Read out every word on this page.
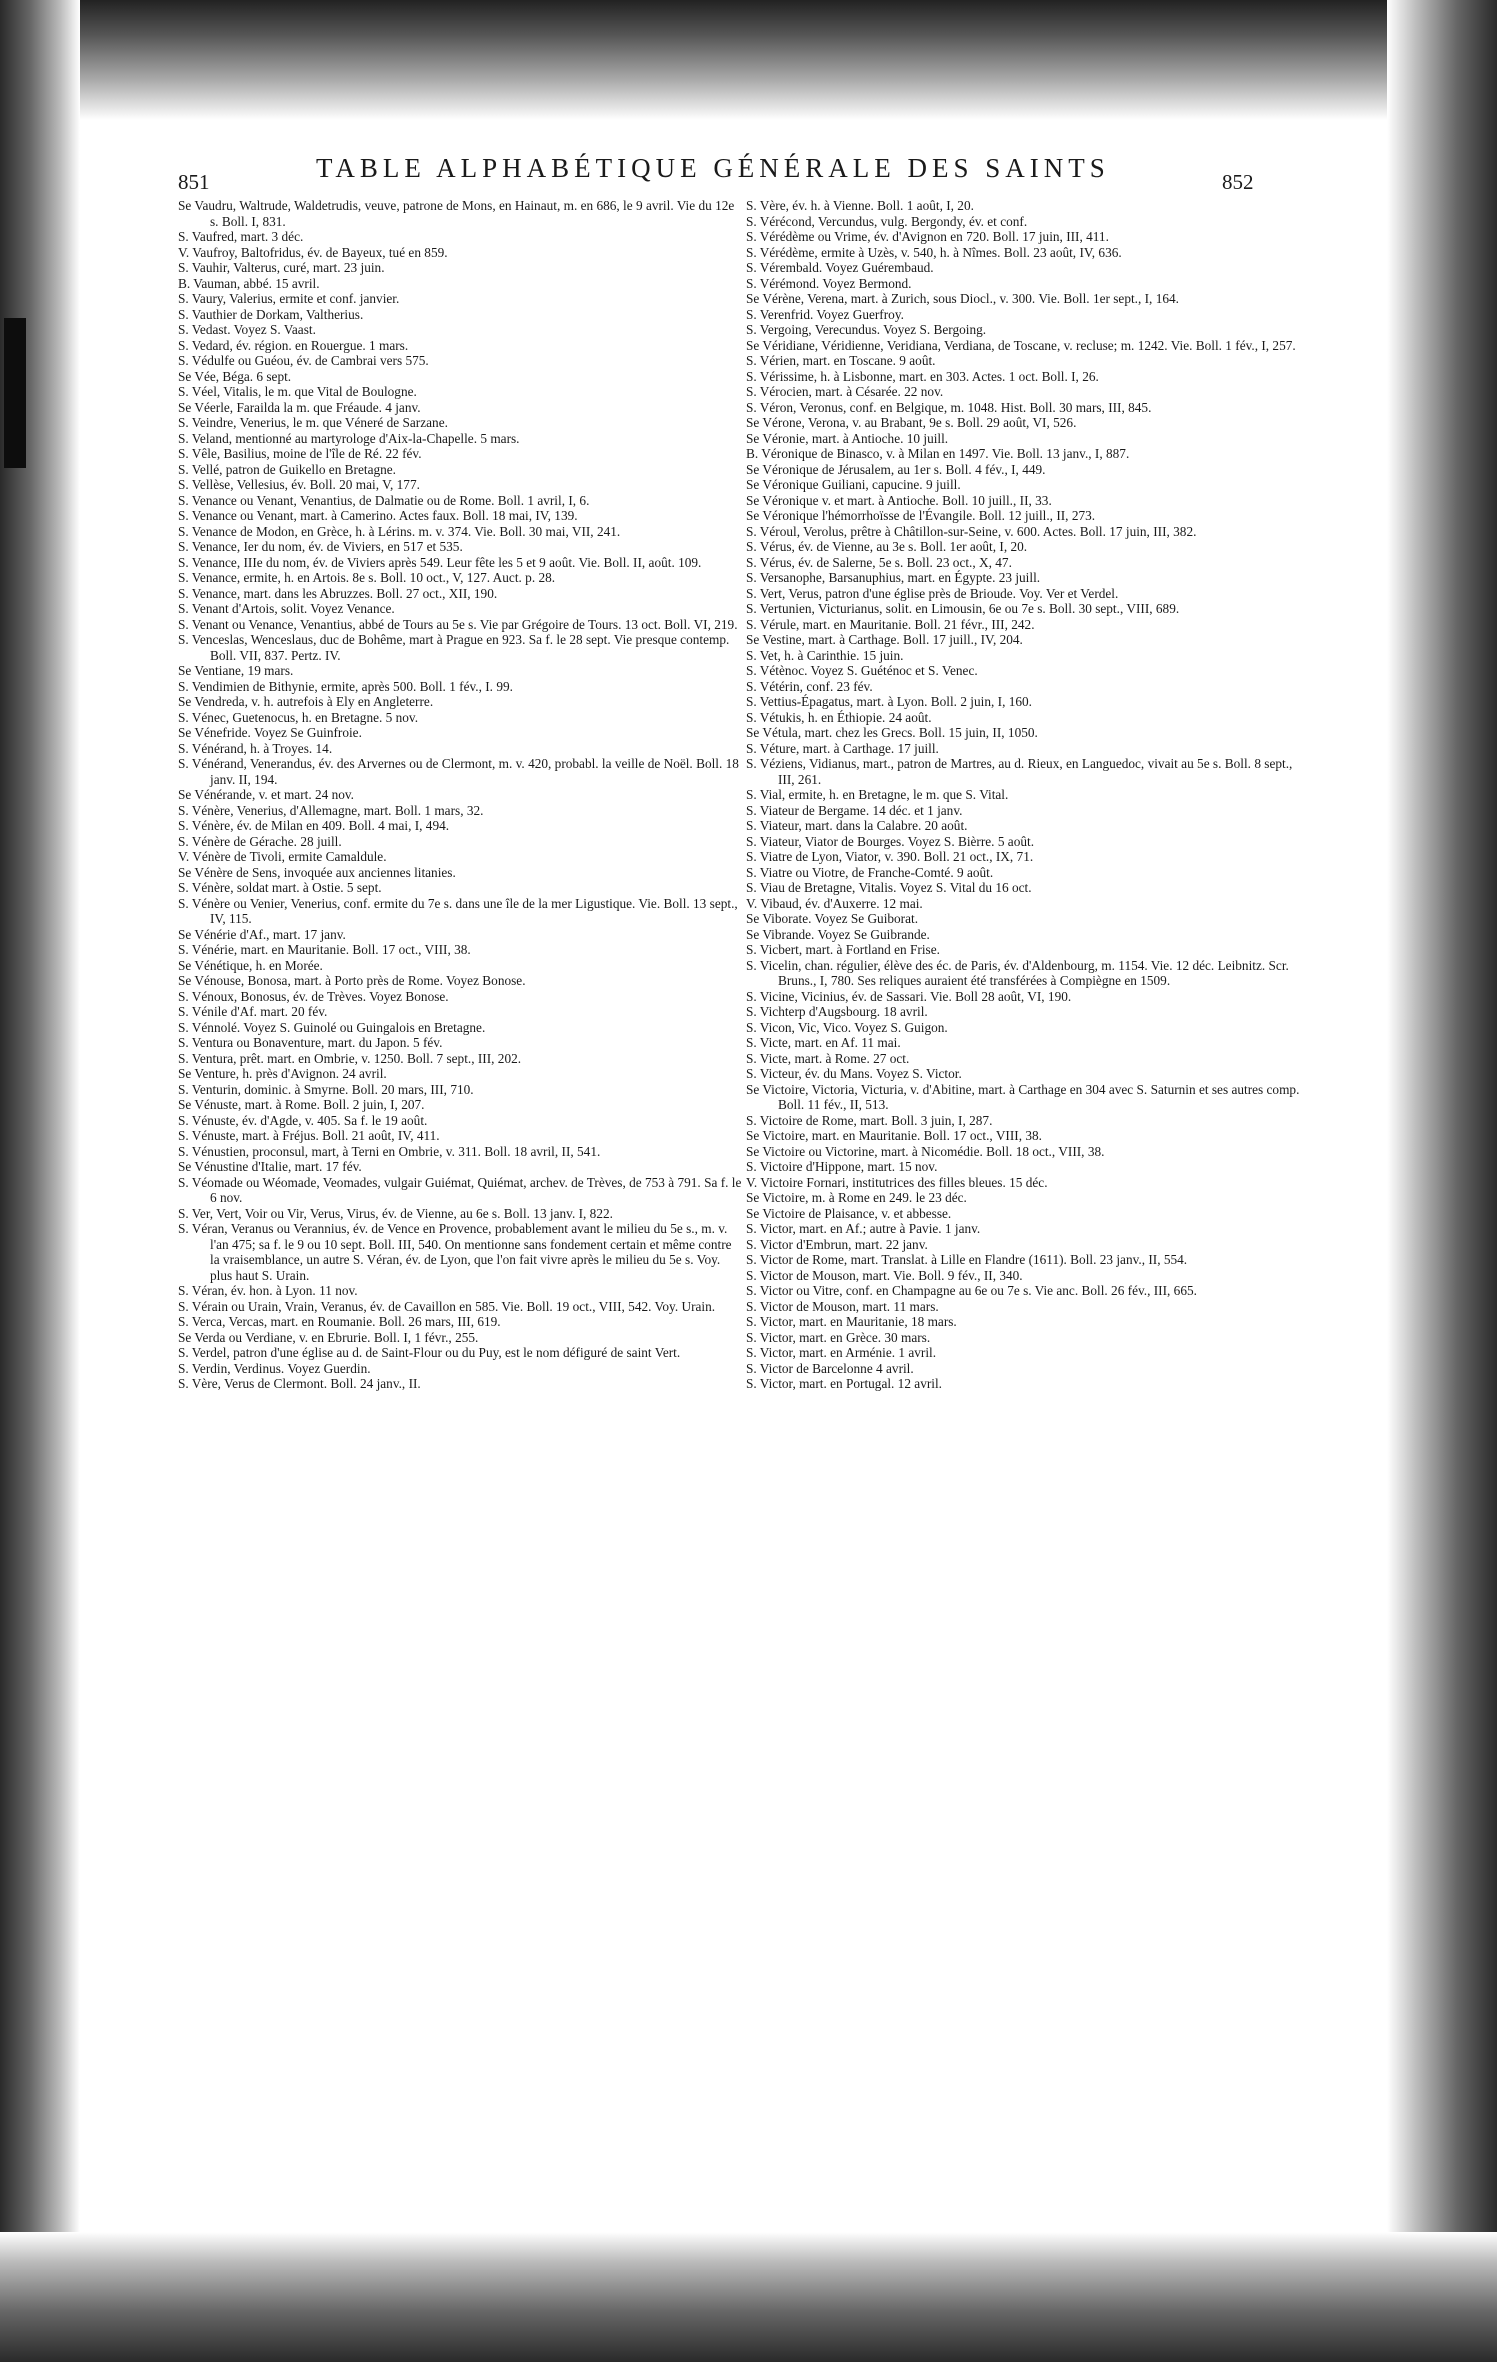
851	TABLE ALPHABÉTIQUE GÉNÉRALE DES SAINTS	852

Se Vaudru, Waltrude, Waldetrudis, veuve, patrone de Mons, en Hainaut, m. en 686, le 9 avril. Vie du 12e s. Boll. I, 831.

S. Vaufred, mart. 3 déc.

V. Vaufroy, Baltofridus, év. de Bayeux, tué en 859.

S. Vauhir, Valterus, curé, mart. 23 juin.

B. Vauman, abbé. 15 avril.

S. Vaury, Valerius, ermite et conf. janvier.

S. Vauthier de Dorkam, Valtherius.

S. Vedast. Voyez S. Vaast.

S. Vedard, év. région. en Rouergue. 1 mars.

S. Védulfe ou Guéou, év. de Cambrai vers 575.

Se Vée, Béga. 6 sept.

S. Véel, Vitalis, le m. que Vital de Boulogne.

Se Véerle, Farailda la m. que Fréaude. 4 janv.

S. Veindre, Venerius, le m. que Véneré de Sarzane.

S. Veland, mentionné au martyrologe d'Aix-la-Chapelle. 5 mars.

S. Vêle, Basilius, moine de l'île de Ré. 22 fév.

S. Vellé, patron de Guikello en Bretagne.

S. Vellèse, Vellesius, év. Boll. 20 mai, V, 177.

S. Venance ou Venant, Venantius, de Dalmatie ou de Rome. Boll. 1 avril, I, 6.

S. Venance ou Venant, mart. à Camerino. Actes faux. Boll. 18 mai, IV, 139.

S. Venance de Modon, en Grèce, h. à Lérins. m. v. 374. Vie. Boll. 30 mai, VII, 241.

S. Venance, Ier du nom, év. de Viviers, en 517 et 535.

S. Venance, IIIe du nom, év. de Viviers après 549. Leur fête les 5 et 9 août. Vie. Boll. II, août. 109.

S. Venance, ermite, h. en Artois. 8e s. Boll. 10 oct., V, 127. Auct. p. 28.

S. Venance, mart. dans les Abruzzes. Boll. 27 oct., XII, 190.

S. Venant d'Artois, solit. Voyez Venance.

S. Venant ou Venance, Venantius, abbé de Tours au 5e s. Vie par Grégoire de Tours. 13 oct. Boll. VI, 219.

S. Venceslas, Wenceslaus, duc de Bohême, mart à Prague en 923. Sa f. le 28 sept. Vie presque contemp. Boll. VII, 837. Pertz. IV.

Se Ventiane, 19 mars.

S. Vendimien de Bithynie, ermite, après 500. Boll. 1 fév., I. 99.

Se Vendreda, v. h. autrefois à Ely en Angleterre.

S. Vénec, Guetenocus, h. en Bretagne. 5 nov.

Se Vénefride. Voyez Se Guinfroie.

S. Vénérand, h. à Troyes. 14.

S. Vénérand, Venerandus, év. des Arvernes ou de Clermont, m. v. 420, probabl. la veille de Noël. Boll. 18 janv. II, 194.

Se Vénérande, v. et mart. 24 nov.

S. Vénère, Venerius, d'Allemagne, mart. Boll. 1 mars, 32.

S. Vénère, év. de Milan en 409. Boll. 4 mai, I, 494.

S. Vénère de Gérache. 28 juill.

V. Vénère de Tivoli, ermite Camaldule.

Se Vénère de Sens, invoquée aux anciennes litanies.

S. Vénère, soldat mart. à Ostie. 5 sept.

S. Vénère ou Venier, Venerius, conf. ermite du 7e s. dans une île de la mer Ligustique. Vie. Boll. 13 sept., IV, 115.

Se Vénérie d'Af., mart. 17 janv.

S. Vénérie, mart. en Mauritanie. Boll. 17 oct., VIII, 38.

Se Vénétique, h. en Morée.

Se Vénouse, Bonosa, mart. à Porto près de Rome. Voyez Bonose.

S. Vénoux, Bonosus, év. de Trèves. Voyez Bonose.

S. Vénile d'Af. mart. 20 fév.

S. Vénnolé. Voyez S. Guinolé ou Guingalois en Bretagne.

S. Ventura ou Bonaventure, mart. du Japon. 5 fév.

S. Ventura, prêt. mart. en Ombrie, v. 1250. Boll. 7 sept., III, 202.

Se Venture, h. près d'Avignon. 24 avril.

S. Venturin, dominic. à Smyrne. Boll. 20 mars, III, 710.

Se Vénuste, mart. à Rome. Boll. 2 juin, I, 207.

S. Vénuste, év. d'Agde, v. 405. Sa f. le 19 août.

S. Vénuste, mart. à Fréjus. Boll. 21 août, IV, 411.

S. Vénustien, proconsul, mart, à Terni en Ombrie, v. 311. Boll. 18 avril, II, 541.

Se Vénustine d'Italie, mart. 17 fév.

S. Véomade ou Wéomade, Veomades, vulgair Guiémat, Quiémat, archev. de Trèves, de 753 à 791. Sa f. le 6 nov.

S. Ver, Vert, Voir ou Vir, Verus, Virus, év. de Vienne, au 6e s. Boll. 13 janv. I, 822.

S. Véran, Veranus ou Verannius, év. de Vence en Provence, probablement avant le milieu du 5e s., m. v. l'an 475; sa f. le 9 ou 10 sept. Boll. III, 540. On mentionne sans fondement certain et même contre la vraisemblance, un autre S. Véran, év. de Lyon, que l'on fait vivre après le milieu du 5e s. Voy. plus haut S. Urain.

S. Véran, év. hon. à Lyon. 11 nov.

S. Vérain ou Urain, Vrain, Veranus, év. de Cavaillon en 585. Vie. Boll. 19 oct., VIII, 542. Voy. Urain.

S. Verca, Vercas, mart. en Roumanie. Boll. 26 mars, III, 619.

Se Verda ou Verdiane, v. en Ebrurie. Boll. I, 1 févr., 255.

S. Verdel, patron d'une église au d. de Saint-Flour ou du Puy, est le nom défiguré de saint Vert.

S. Verdin, Verdinus. Voyez Guerdin.

S. Vère, Verus de Clermont. Boll. 24 janv., II.

S. Vère, év. h. à Vienne. Boll. 1 août, I, 20.

S. Vérécond, Vercundus, vulg. Bergondy, év. et conf.

S. Vérédème ou Vrime, év. d'Avignon en 720. Boll. 17 juin, III, 411.

S. Vérédème, ermite à Uzès, v. 540, h. à Nîmes. Boll. 23 août, IV, 636.

S. Vérembald. Voyez Guérembaud.

S. Vérémond. Voyez Bermond.

Se Vérène, Verena, mart. à Zurich, sous Diocl., v. 300. Vie. Boll. 1er sept., I, 164.

S. Verenfrid. Voyez Guerfroy.

S. Vergoing, Verecundus. Voyez S. Bergoing.

Se Véridiane, Véridienne, Veridiana, Verdiana, de Toscane, v. recluse; m. 1242. Vie. Boll. 1 fév., I, 257.

S. Vérien, mart. en Toscane. 9 août.

S. Vérissime, h. à Lisbonne, mart. en 303. Actes. 1 oct. Boll. I, 26.

S. Vérocien, mart. à Césarée. 22 nov.

S. Véron, Veronus, conf. en Belgique, m. 1048. Hist. Boll. 30 mars, III, 845.

Se Vérone, Verona, v. au Brabant, 9e s. Boll. 29 août, VI, 526.

Se Véronie, mart. à Antioche. 10 juill.

B. Véronique de Binasco, v. à Milan en 1497. Vie. Boll. 13 janv., I, 887.

Se Véronique de Jérusalem, au 1er s. Boll. 4 fév., I, 449.

Se Véronique Guiliani, capucine. 9 juill.

Se Véronique v. et mart. à Antioche. Boll. 10 juill., II, 33.

Se Véronique l'hémorrhoïsse de l'Évangile. Boll. 12 juill., II, 273.

S. Véroul, Verolus, prêtre à Châtillon-sur-Seine, v. 600. Actes. Boll. 17 juin, III, 382.

S. Vérus, év. de Vienne, au 3e s. Boll. 1er août, I, 20.

S. Vérus, év. de Salerne, 5e s. Boll. 23 oct., X, 47.

S. Versanophe, Barsanuphius, mart. en Égypte. 23 juill.

S. Vert, Verus, patron d'une église près de Brioude. Voy. Ver et Verdel.

S. Vertunien, Victurianus, solit. en Limousin, 6e ou 7e s. Boll. 30 sept., VIII, 689.

S. Vérule, mart. en Mauritanie. Boll. 21 févr., III, 242.

Se Vestine, mart. à Carthage. Boll. 17 juill., IV, 204.

S. Vet, h. à Carinthie. 15 juin.

S. Vétènoc. Voyez S. Guéténoc et S. Venec.

S. Vétérin, conf. 23 fév.

S. Vettius-Épagatus, mart. à Lyon. Boll. 2 juin, I, 160.

S. Vétukis, h. en Éthiopie. 24 août.

Se Vétula, mart. chez les Grecs. Boll. 15 juin, II, 1050.

S. Véture, mart. à Carthage. 17 juill.

S. Véziens, Vidianus, mart., patron de Martres, au d. Rieux, en Languedoc, vivait au 5e s. Boll. 8 sept., III, 261.

S. Vial, ermite, h. en Bretagne, le m. que S. Vital.

S. Viateur de Bergame. 14 déc. et 1 janv.

S. Viateur, mart. dans la Calabre. 20 août.

S. Viateur, Viator de Bourges. Voyez S. Bièrre. 5 août.

S. Viatre de Lyon, Viator, v. 390. Boll. 21 oct., IX, 71.

S. Viatre ou Viotre, de Franche-Comté. 9 août.

S. Viau de Bretagne, Vitalis. Voyez S. Vital du 16 oct.

V. Vibaud, év. d'Auxerre. 12 mai.

Se Viborate. Voyez Se Guiborat.

Se Vibrande. Voyez Se Guibrande.

S. Vicbert, mart. à Fortland en Frise.

S. Vicelin, chan. régulier, élève des éc. de Paris, év. d'Aldenbourg, m. 1154. Vie. 12 déc. Leibnitz. Scr. Bruns., I, 780. Ses reliques auraient été transférées à Compiègne en 1509.

S. Vicine, Vicinius, év. de Sassari. Vie. Boll 28 août, VI, 190.

S. Vichterp d'Augsbourg. 18 avril.

S. Vicon, Vic, Vico. Voyez S. Guigon.

S. Victe, mart. en Af. 11 mai.

S. Victe, mart. à Rome. 27 oct.

S. Victeur, év. du Mans. Voyez S. Victor.

Se Victoire, Victoria, Victuria, v. d'Abitine, mart. à Carthage en 304 avec S. Saturnin et ses autres comp. Boll. 11 fév., II, 513.

S. Victoire de Rome, mart. Boll. 3 juin, I, 287.

Se Victoire, mart. en Mauritanie. Boll. 17 oct., VIII, 38.

Se Victoire ou Victorine, mart. à Nicomédie. Boll. 18 oct., VIII, 38.

S. Victoire d'Hippone, mart. 15 nov.

V. Victoire Fornari, institutrices des filles bleues. 15 déc.

Se Victoire, m. à Rome en 249. le 23 déc.

Se Victoire de Plaisance, v. et abbesse.

S. Victor, mart. en Af.; autre à Pavie. 1 janv.

S. Victor d'Embrun, mart. 22 janv.

S. Victor de Rome, mart. Translat. à Lille en Flandre (1611). Boll. 23 janv., II, 554.

S. Victor de Mouson, mart. Vie. Boll. 9 fév., II, 340.

S. Victor ou Vitre, conf. en Champagne au 6e ou 7e s. Vie anc. Boll. 26 fév., III, 665.

S. Victor de Mouson, mart. 11 mars.

S. Victor, mart. en Mauritanie, 18 mars.

S. Victor, mart. en Grèce. 30 mars.

S. Victor, mart. en Arménie. 1 avril.

S. Victor de Barcelonne 4 avril.

S. Victor, mart. en Portugal. 12 avril.
